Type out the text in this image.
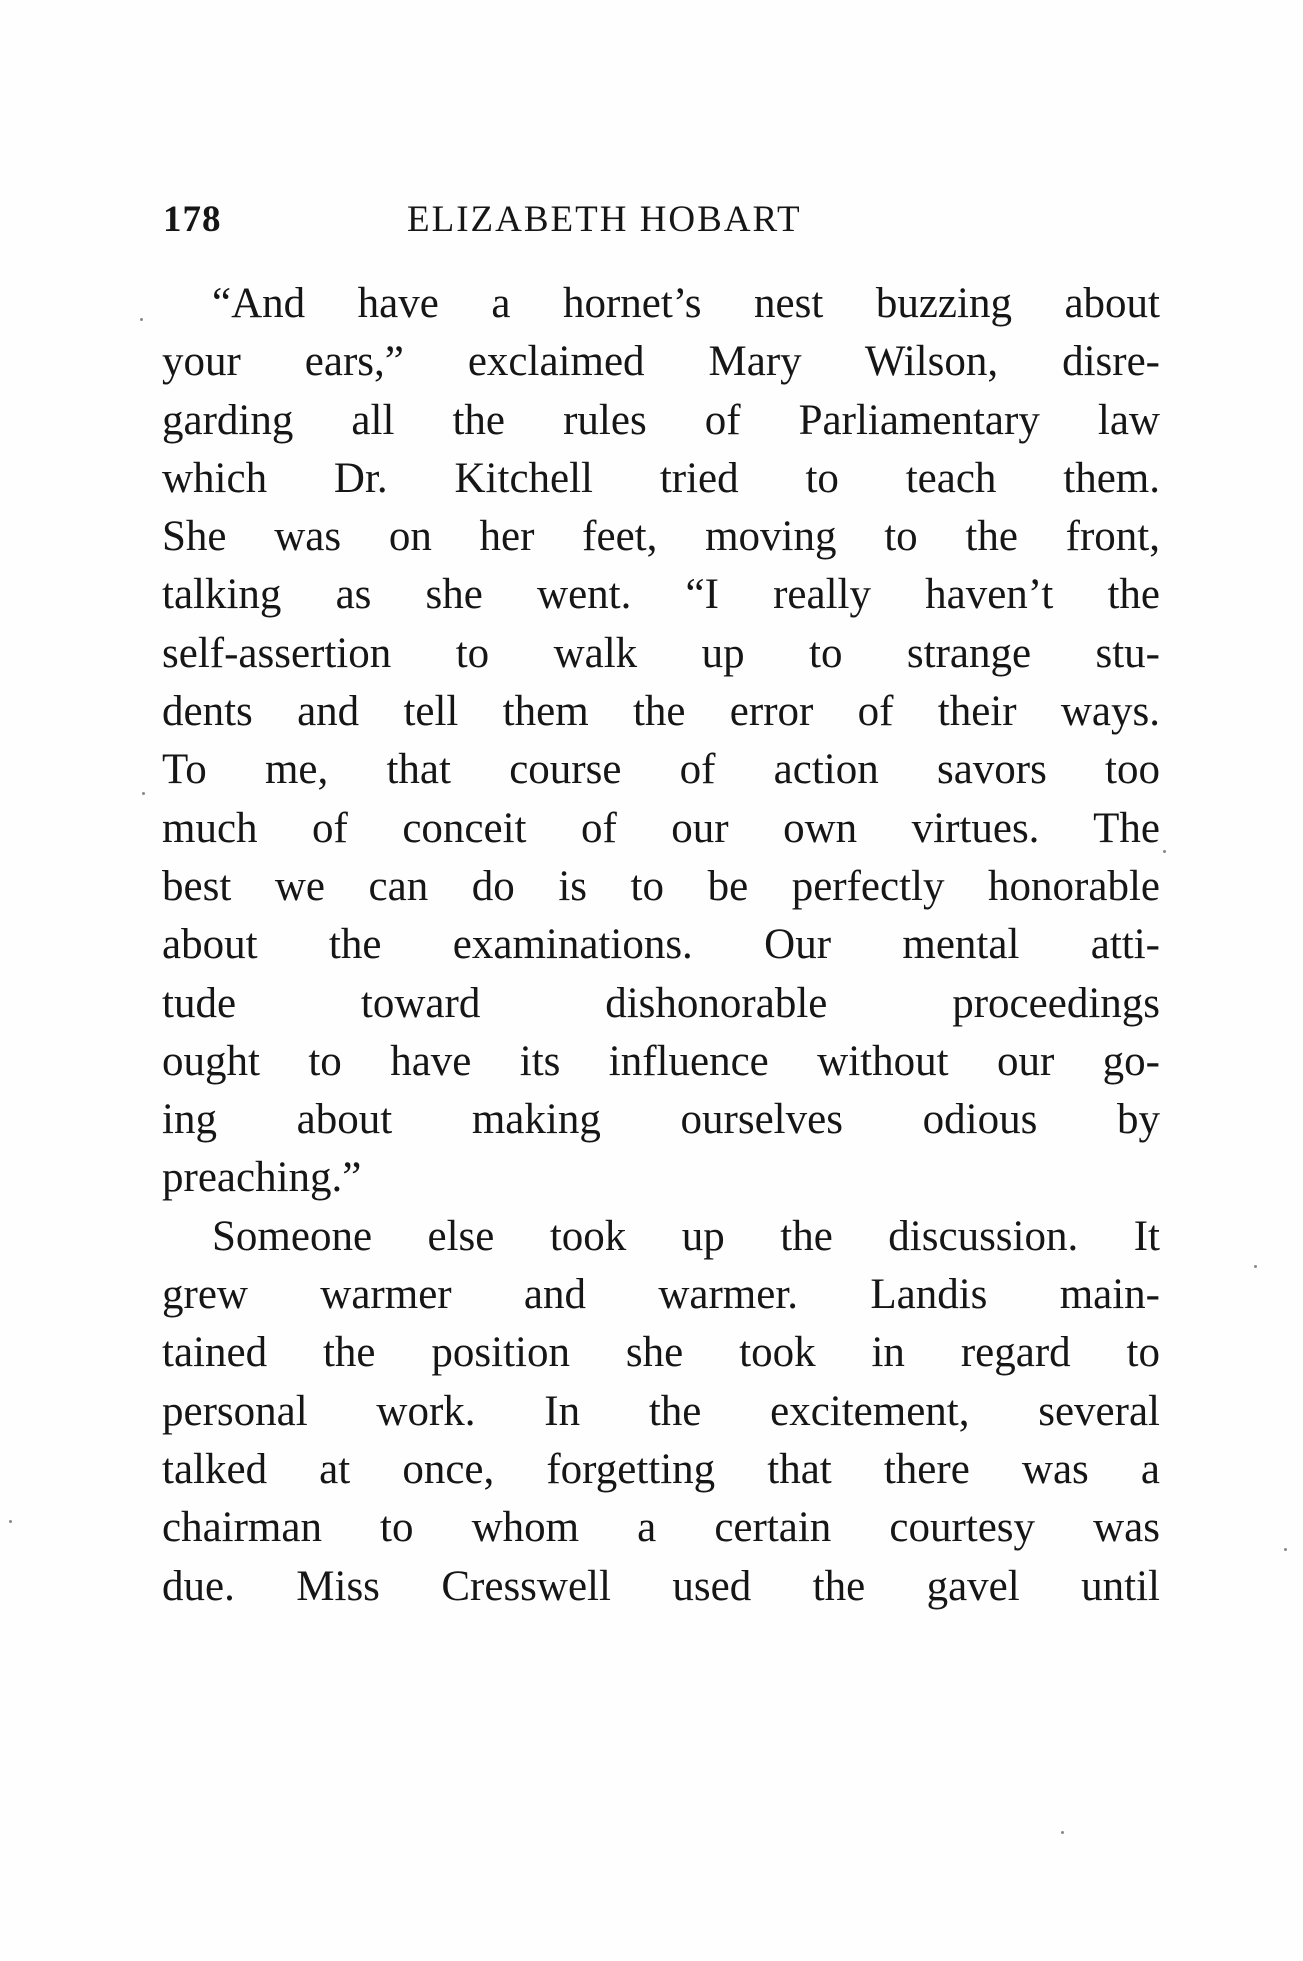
178	ELIZABETH HOBART
“And have a hornet’s nest buzzing about
your ears,” exclaimed Mary Wilson, disre-
garding all the rules of Parliamentary law
which Dr. Kitchell tried to teach them.
She was on her feet, moving to the front,
talking as she went. “I really haven’t the
self-assertion to walk up to strange stu-
dents and tell them the error of their ways.
To me, that course of action savors too
much of conceit of our own virtues. The
best we can do is to be perfectly honorable
about the examinations. Our mental atti-
tude toward dishonorable proceedings
ought to have its influence without our go-
ing about making ourselves odious by
preaching.”
Someone else took up the discussion. It
grew warmer and warmer. Landis main-
tained the position she took in regard to
personal work. In the excitement, several
talked at once, forgetting that there was a
chairman to whom a certain courtesy was
due. Miss Cresswell used the gavel until
